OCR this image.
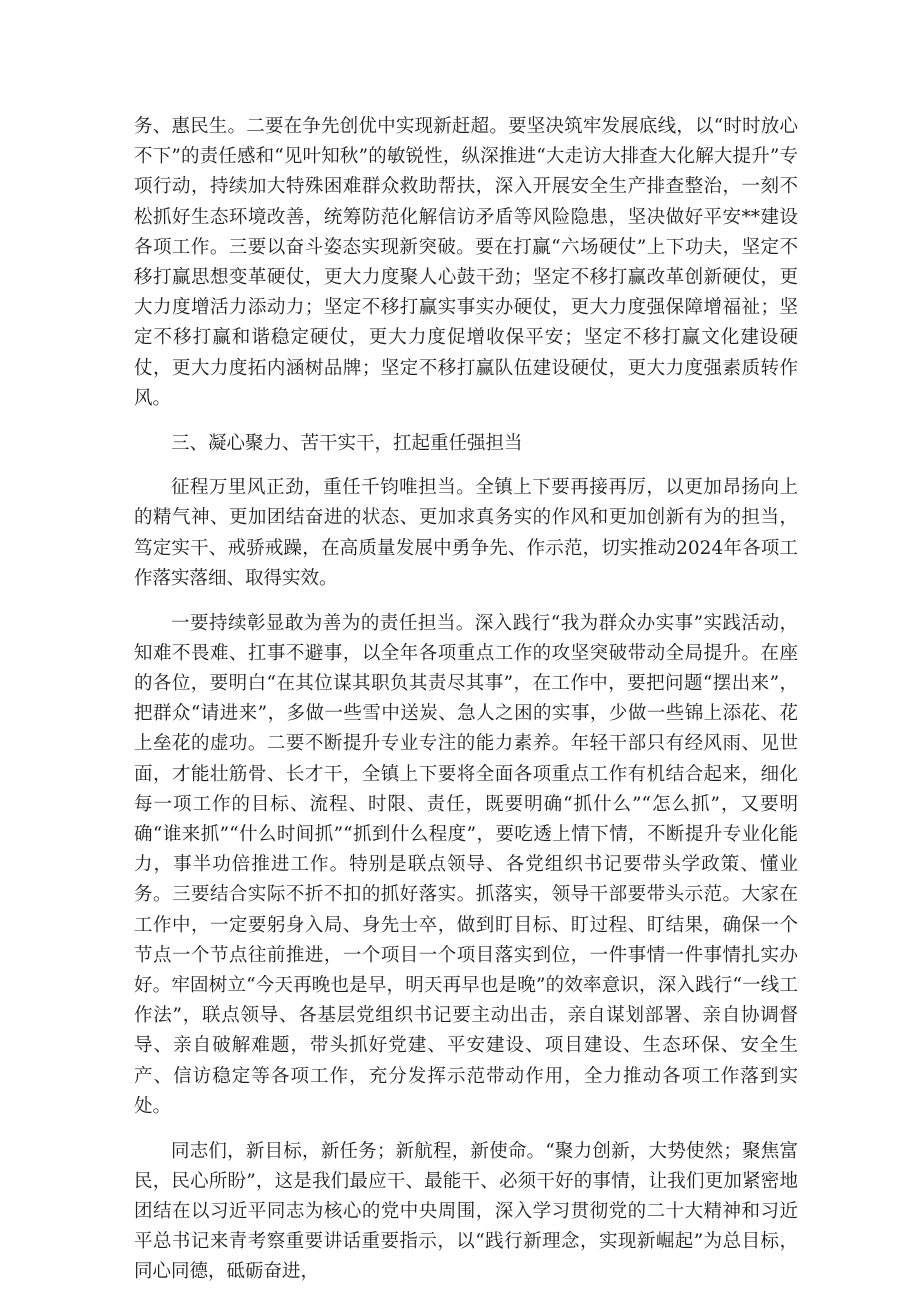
务、惠民生。二要在争先创优中实现新赶超。要坚决筑牢发展底线，以“时时放心不下”的责任感和“见叶知秋”的敏锐性，纵深推进“大走访大排查大化解大提升”专项行动，持续加大特殊困难群众救助帮扶，深入开展安全生产排查整治，一刻不松抓好生态环境改善，统筹防范化解信访矛盾等风险隐患，坚决做好平安**建设各项工作。三要以奋斗姿态实现新突破。要在打赢“六场硬仗”上下功夫，坚定不移打赢思想变革硬仗，更大力度聚人心鼓干劲；坚定不移打赢改革创新硬仗，更大力度增活力添动力；坚定不移打赢实事实办硬仗，更大力度强保障增福祉；坚定不移打赢和谐稳定硬仗，更大力度促增收保平安；坚定不移打赢文化建设硬仗，更大力度拓内涵树品牌；坚定不移打赢队伍建设硬仗，更大力度强素质转作风。

三、凝心聚力、苦干实干，扛起重任强担当

征程万里风正劲，重任千钧唯担当。全镇上下要再接再厉，以更加昂扬向上的精气神、更加团结奋进的状态、更加求真务实的作风和更加创新有为的担当，笃定实干、戒骄戒躁，在高质量发展中勇争先、作示范，切实推动2024年各项工作落实落细、取得实效。

一要持续彰显敢为善为的责任担当。深入践行“我为群众办实事”实践活动，知难不畏难、扛事不避事，以全年各项重点工作的攻坚突破带动全局提升。在座的各位，要明白“在其位谋其职负其责尽其事”，在工作中，要把问题“摆出来”，把群众“请进来”，多做一些雪中送炭、急人之困的实事，少做一些锦上添花、花上垒花的虚功。二要不断提升专业专注的能力素养。年轻干部只有经风雨、见世面，才能壮筋骨、长才干，全镇上下要将全面各项重点工作有机结合起来，细化每一项工作的目标、流程、时限、责任，既要明确“抓什么”“怎么抓”，又要明确“谁来抓”“什么时间抓”“抓到什么程度”，要吃透上情下情，不断提升专业化能力，事半功倍推进工作。特别是联点领导、各党组织书记要带头学政策、懂业务。三要结合实际不折不扣的抓好落实。抓落实，领导干部要带头示范。大家在工作中，一定要躬身入局、身先士卒，做到盯目标、盯过程、盯结果，确保一个节点一个节点往前推进，一个项目一个项目落实到位，一件事情一件事情扎实办好。牢固树立“今天再晚也是早，明天再早也是晚”的效率意识，深入践行“一线工作法”，联点领导、各基层党组织书记要主动出击，亲自谋划部署、亲自协调督导、亲自破解难题，带头抓好党建、平安建设、项目建设、生态环保、安全生产、信访稳定等各项工作，充分发挥示范带动作用，全力推动各项工作落到实处。

同志们，新目标，新任务；新航程，新使命。“聚力创新，大势使然；聚焦富民，民心所盼”，这是我们最应干、最能干、必须干好的事情，让我们更加紧密地团结在以习近平同志为核心的党中央周围，深入学习贯彻党的二十大精神和习近平总书记来青考察重要讲话重要指示，以“践行新理念，实现新崛起”为总目标，同心同德，砥砺奋进，
